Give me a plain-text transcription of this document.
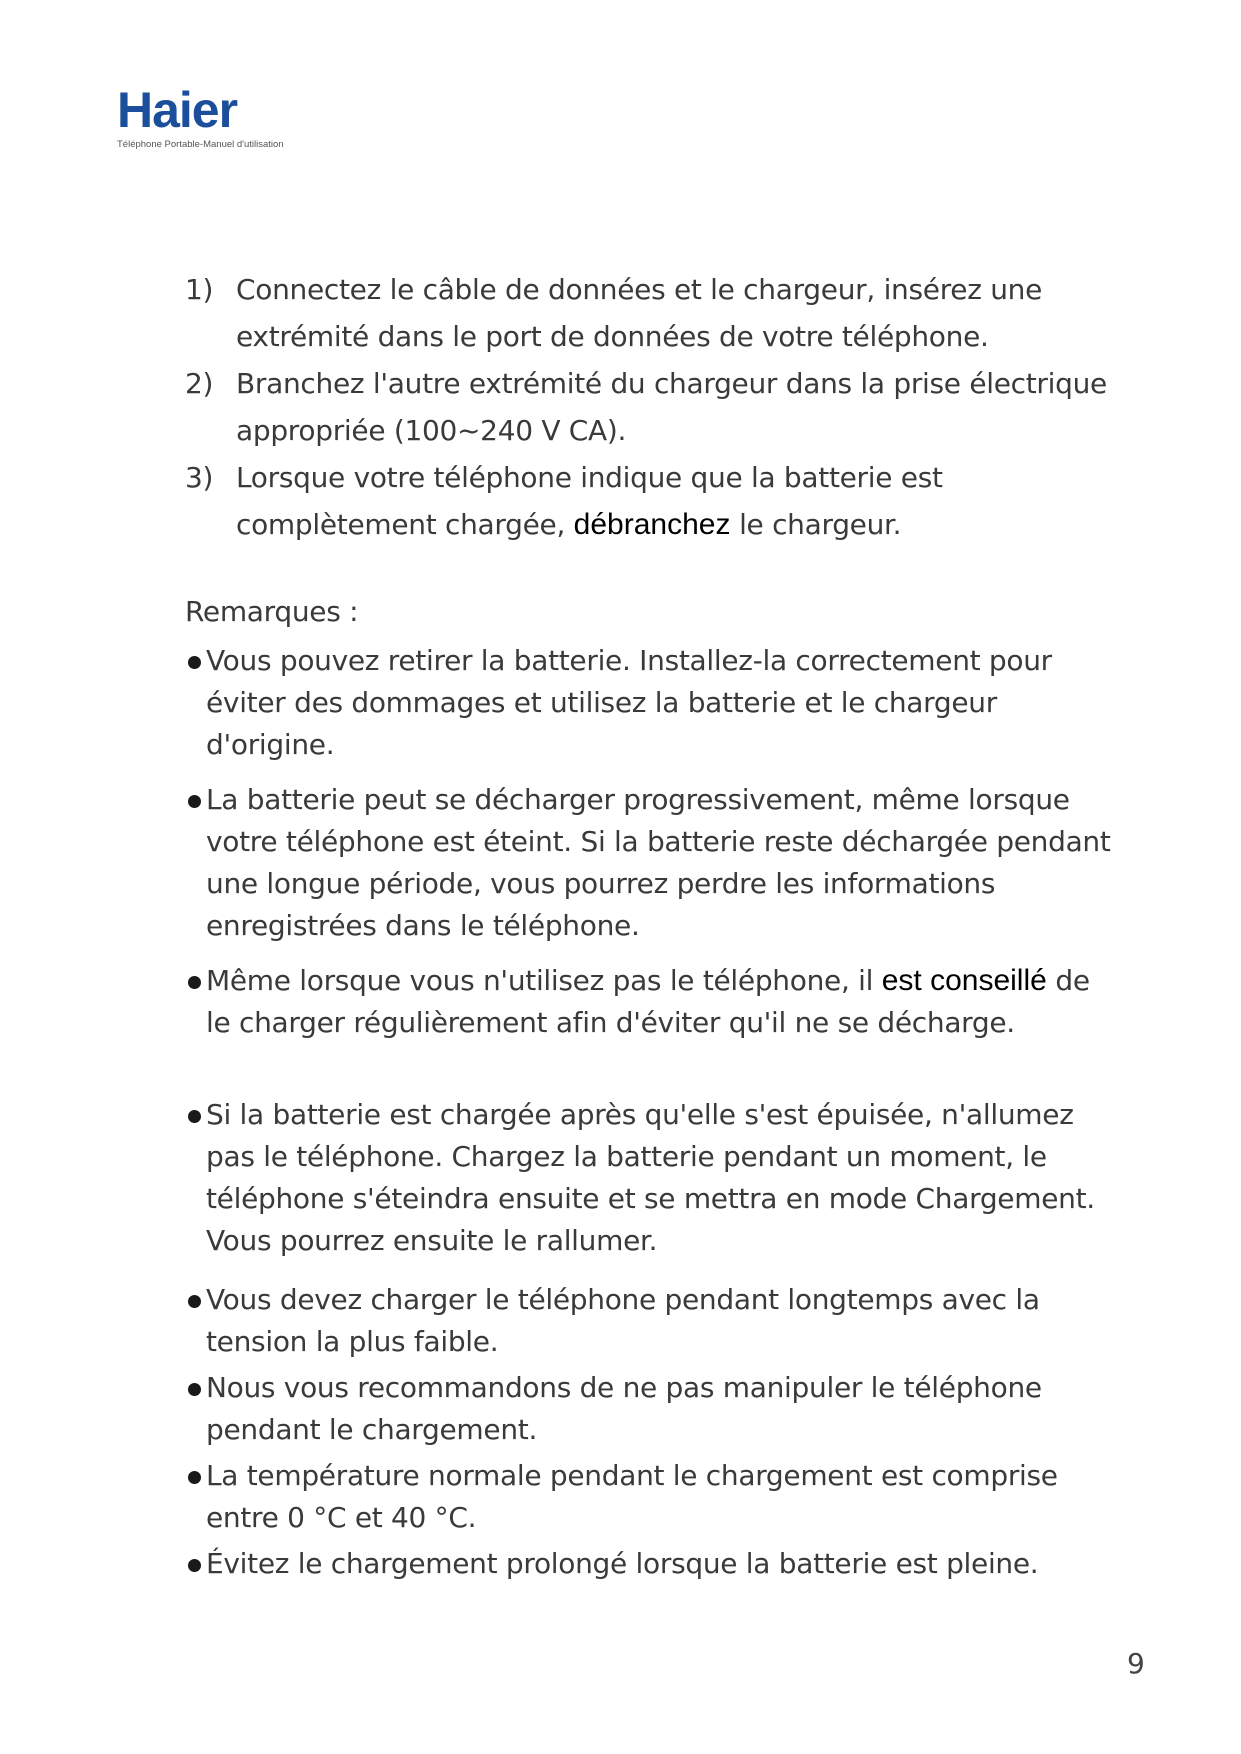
Haier
Téléphone Portable-Manuel d'utilisation
1) Connectez le câble de données et le chargeur, insérez une extrémité dans le port de données de votre téléphone.
2) Branchez l'autre extrémité du chargeur dans la prise électrique appropriée (100~240 V CA).
3) Lorsque votre téléphone indique que la batterie est complètement chargée, débranchez le chargeur.
Remarques :
Vous pouvez retirer la batterie. Installez-la correctement pour éviter des dommages et utilisez la batterie et le chargeur d'origine.
La batterie peut se décharger progressivement, même lorsque votre téléphone est éteint. Si la batterie reste déchargée pendant une longue période, vous pourrez perdre les informations enregistrées dans le téléphone.
Même lorsque vous n'utilisez pas le téléphone, il est conseillé de le charger régulièrement afin d'éviter qu'il ne se décharge.
Si la batterie est chargée après qu'elle s'est épuisée, n'allumez pas le téléphone. Chargez la batterie pendant un moment, le téléphone s'éteindra ensuite et se mettra en mode Chargement. Vous pourrez ensuite le rallumer.
Vous devez charger le téléphone pendant longtemps avec la tension la plus faible.
Nous vous recommandons de ne pas manipuler le téléphone pendant le chargement.
La température normale pendant le chargement est comprise entre 0 °C et 40 °C.
Évitez le chargement prolongé lorsque la batterie est pleine.
9
